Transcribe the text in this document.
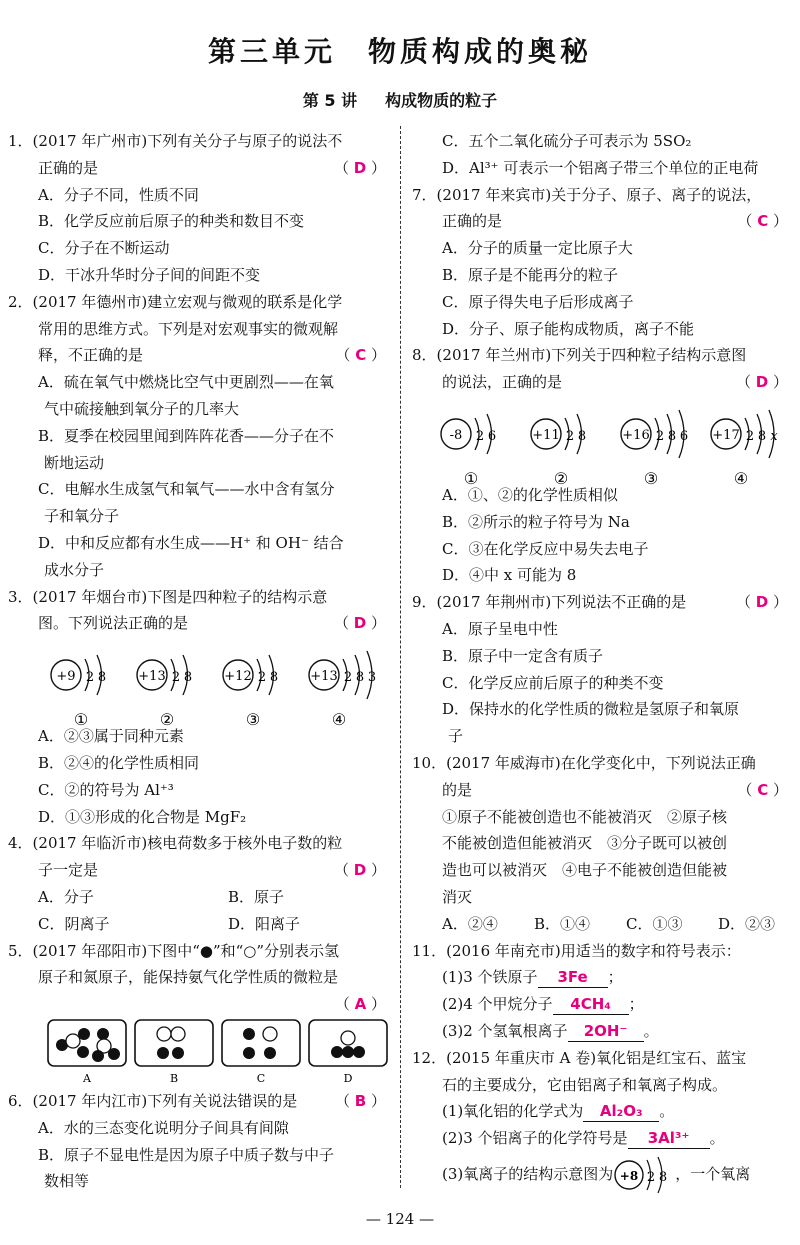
第三单元　物质构成的奥秘
第 5 讲 构成物质的粒子
1．(2017 年广州市)下列有关分子与原子的说法不
正确的是	（ D ）
A．分子不同，性质不同
B．化学反应前后原子的种类和数目不变
C．分子在不断运动
D．干冰升华时分子间的间距不变
2．(2017 年德州市)建立宏观与微观的联系是化学
常用的思维方式。下列是对宏观事实的微观解
释，不正确的是	（ C ）
A．硫在氧气中燃烧比空气中更剧烈——在氧
气中硫接触到氧分子的几率大
B．夏季在校园里闻到阵阵花香——分子在不
断地运动
C．电解水生成氢气和氧气——水中含有氢分
子和氧分子
D．中和反应都有水生成——H⁺ 和 OH⁻ 结合
成水分子
3．(2017 年烟台市)下图是四种粒子的结构示意
图。下列说法正确的是	（ D ）
+9 2 8
①
+13 2 8
②
+12 2 8
③
+13 2 8 3
④
A．②③属于同种元素
B．②④的化学性质相同
C．②的符号为 Al⁺³
D．①③形成的化合物是 MgF₂
4．(2017 年临沂市)核电荷数多于核外电子数的粒
子一定是	（ D ）
A．分子	B．原子
C．阴离子	D．阳离子
5．(2017 年邵阳市)下图中“●”和“○”分别表示氢
原子和氮原子，能保持氨气化学性质的微粒是
（ A ）
A	B	C	D
6．(2017 年内江市)下列有关说法错误的是	（ B ）
A．水的三态变化说明分子间具有间隙
B．原子不显电性是因为原子中质子数与中子
数相等
C．五个二氧化硫分子可表示为 5SO₂
D．Al³⁺ 可表示一个铝离子带三个单位的正电荷
7．(2017 年来宾市)关于分子、原子、离子的说法，
正确的是	（ C ）
A．分子的质量一定比原子大
B．原子是不能再分的粒子
C．原子得失电子后形成离子
D．分子、原子能构成物质，离子不能
8．(2017 年兰州市)下列关于四种粒子结构示意图
的说法，正确的是	（ D ）
-8 2 6
①
+11 2 8
②
+16 2 8 6
③
+17 2 8 x
④
A．①、②的化学性质相似
B．②所示的粒子符号为 Na
C．③在化学反应中易失去电子
D．④中 x 可能为 8
9．(2017 年荆州市)下列说法不正确的是	（ D ）
A．原子呈电中性
B．原子中一定含有质子
C．化学反应前后原子的种类不变
D．保持水的化学性质的微粒是氢原子和氧原
子
10．(2017 年威海市)在化学变化中，下列说法正确
的是	（ C ）
①原子不能被创造也不能被消灭　②原子核
不能被创造但能被消灭　③分子既可以被创
造也可以被消灭　④电子不能被创造但能被
消灭
A．②④ B．①④ C．①③ D．②③
11．(2016 年南充市)用适当的数字和符号表示：
(1)3 个铁原子 3Fe ；
(2)4 个甲烷分子 4CH₄ ；
(3)2 个氢氧根离子 2OH⁻ 。
12．(2015 年重庆市 A 卷)氧化铝是红宝石、蓝宝
石的主要成分，它由铝离子和氧离子构成。
(1)氧化铝的化学式为 Al₂O₃ 。
(2)3 个铝离子的化学符号是 3Al³⁺ 。
(3)氧离子的结构示意图为 +8 2 8 ，一个氧离
— 124 —
